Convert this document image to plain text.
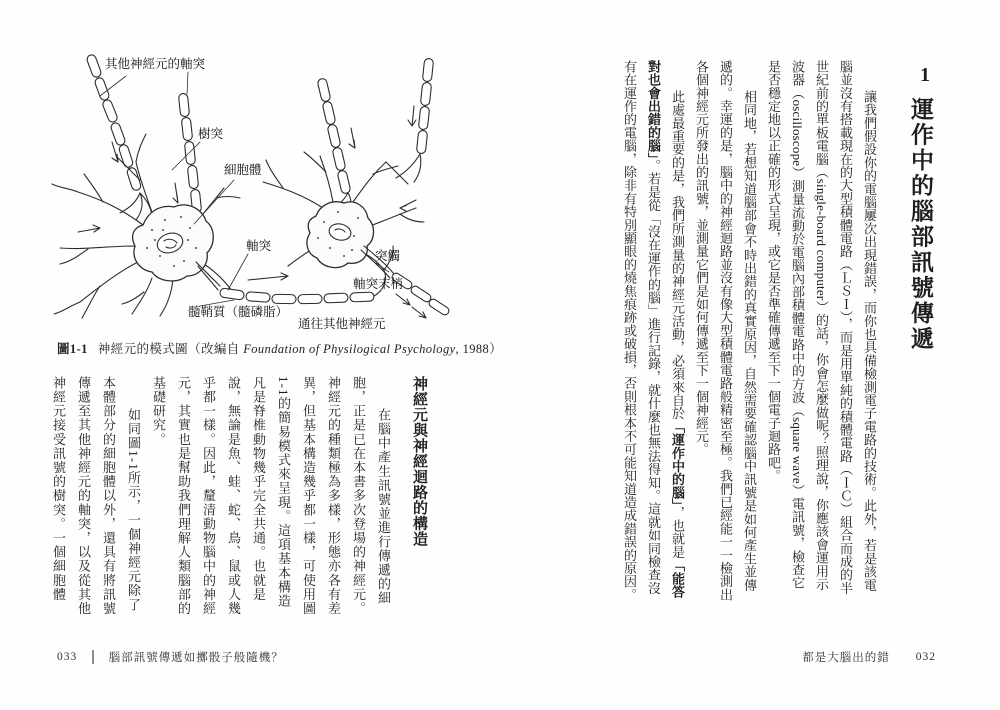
1
運作中的腦部訊號傳遞

讓我們假設你的電腦屢次出現錯誤，而你也具備檢測電子電路的技術。此外，若是該電腦並沒有搭載現在的大型積體電路（ＬＳＩ），而是用單純的積體電路（ＩＣ）組合而成的半世紀前的單板電腦（single-board computer）的話，你會怎麼做呢？照理說，你應該會運用示波器（oscilloscope）測量流動於電腦內部積體電路中的方波（square wave）電訊號，檢查它是否穩定地以正確的形式呈現，或它是否準確傳遞至下一個電子迴路吧。

相同地，若想知道腦部會不時出錯的真實原因，自然需要確認腦中訊號是如何產生並傳遞的。幸運的是，腦中的神經迴路並沒有像大型積體電路般精密至極。我們已經能一一檢測出各個神經元所發出的訊號，並測量它們是如何傳遞至下一個神經元。

此處最重要的是，我們所測量的神經元活動，必須來自於「運作中的腦」，也就是「能答對也會出錯的腦」。若是從「沒在運作的腦」進行記錄，就什麼也無法得知。這就如同檢查沒有在運作的電腦，除非有特別顯眼的燒焦痕跡或破損，否則根本不可能知道造成錯誤的原因。

都是大腦出的錯 032
其他神經元的軸突
樹突
細胞體
軸突
突觸
軸突末梢
髓鞘質（髓磷脂）
通往其他神經元
圖1-1 神經元的模式圖（改編自 Foundation of Physilogical Psychology, 1988）
神經元與神經迴路的構造

在腦中產生訊號並進行傳遞的細胞，正是已在本書多次登場的神經元。神經元的種類極為多樣，形態亦各有差異，但基本構造幾乎都一樣，可使用圖1-1的簡易模式來呈現。這項基本構造凡是脊椎動物幾乎完全共通。也就是說，無論是魚、蛙、蛇、鳥、鼠或人幾乎都一樣。因此，釐清動物腦中的神經元，其實也是幫助我們理解人類腦部的基礎研究。

如同圖1-1所示，一個神經元除了本體部分的細胞體以外，還具有將訊號傳遞至其他神經元的軸突，以及從其他神經元接受訊號的樹突。一個細胞體

033	腦部訊號傳遞如擲骰子般隨機？
